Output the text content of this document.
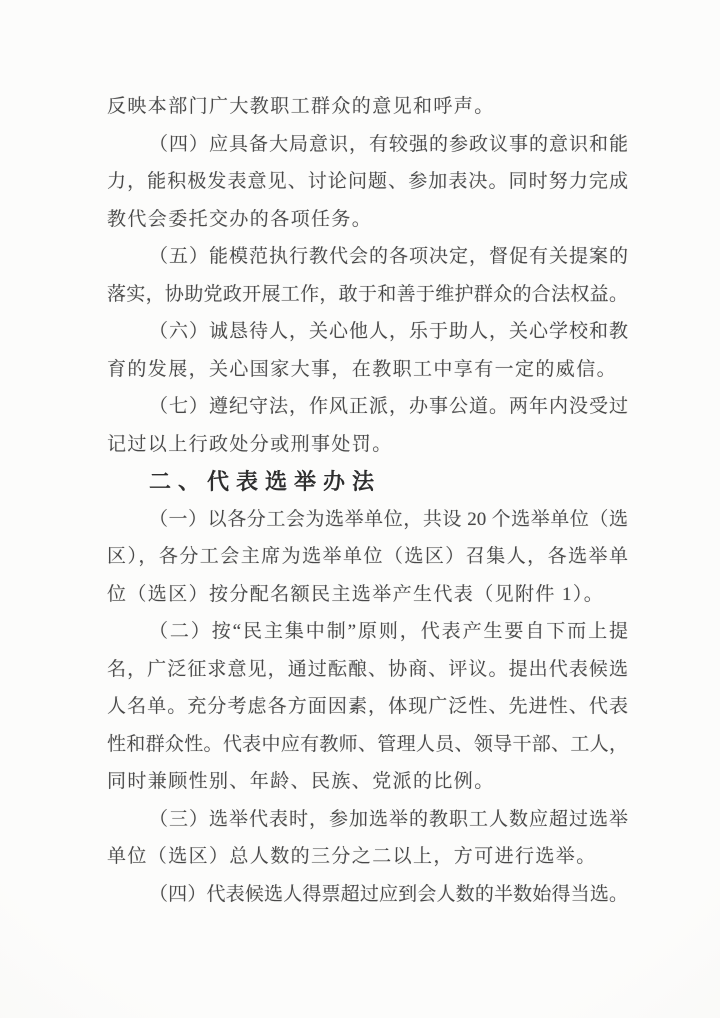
反映本部门广大教职工群众的意见和呼声。
（四）应具备大局意识，有较强的参政议事的意识和能
力，能积极发表意见、讨论问题、参加表决。同时努力完成
教代会委托交办的各项任务。
（五）能模范执行教代会的各项决定，督促有关提案的
落实，协助党政开展工作，敢于和善于维护群众的合法权益。
（六）诚恳待人，关心他人，乐于助人，关心学校和教
育的发展，关心国家大事，在教职工中享有一定的威信。
（七）遵纪守法，作风正派，办事公道。两年内没受过
记过以上行政处分或刑事处罚。
二、代表选举办法
（一）以各分工会为选举单位，共设 20 个选举单位（选
区），各分工会主席为选举单位（选区）召集人，各选举单
位（选区）按分配名额民主选举产生代表（见附件 1）。
（二）按“民主集中制”原则，代表产生要自下而上提
名，广泛征求意见，通过酝酿、协商、评议。提出代表候选
人名单。充分考虑各方面因素，体现广泛性、先进性、代表
性和群众性。代表中应有教师、管理人员、领导干部、工人，
同时兼顾性别、年龄、民族、党派的比例。
（三）选举代表时，参加选举的教职工人数应超过选举
单位（选区）总人数的三分之二以上，方可进行选举。
（四）代表候选人得票超过应到会人数的半数始得当选。
